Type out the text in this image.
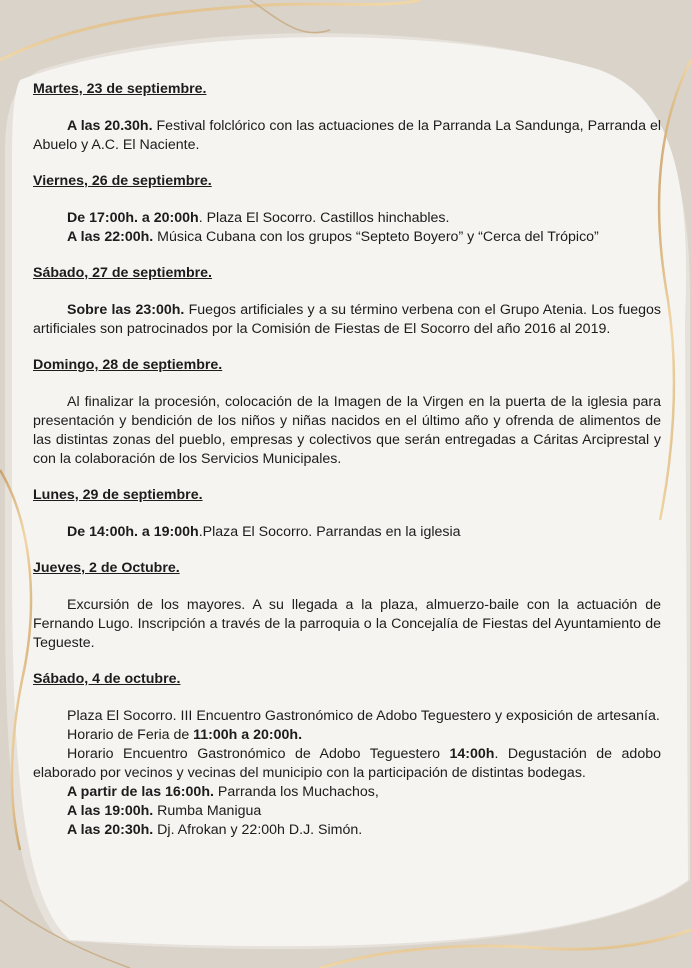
Martes, 23 de septiembre.

A las 20.30h. Festival folclórico con las actuaciones de la Parranda La Sandunga, Parranda el Abuelo y A.C. El Naciente.

Viernes, 26 de septiembre.

De 17:00h. a 20:00h. Plaza El Socorro. Castillos hinchables.
A las 22:00h. Música Cubana con los grupos “Septeto Boyero” y “Cerca del Trópico”

Sábado, 27 de septiembre.

Sobre las 23:00h. Fuegos artificiales y a su término verbena con el Grupo Atenia. Los fuegos artificiales son patrocinados por la Comisión de Fiestas de El Socorro del año 2016 al 2019.

Domingo, 28 de septiembre.

Al finalizar la procesión, colocación de la Imagen de la Virgen en la puerta de la iglesia para presentación y bendición de los niños y niñas nacidos en el último año y ofrenda de alimentos de las distintas zonas del pueblo, empresas y colectivos que serán entregadas a Cáritas Arciprestal y con la colaboración de los Servicios Municipales.

Lunes, 29 de septiembre.

De 14:00h. a 19:00h.Plaza El Socorro. Parrandas en la iglesia

Jueves, 2 de Octubre.

Excursión de los mayores. A su llegada a la plaza, almuerzo-baile con la actuación de Fernando Lugo. Inscripción a través de la parroquia o la Concejalía de Fiestas del Ayuntamiento de Tegueste.

Sábado, 4 de octubre.

Plaza El Socorro. III Encuentro Gastronómico de Adobo Teguestero y exposición de artesanía.
Horario de Feria de 11:00h a 20:00h.
Horario Encuentro Gastronómico de Adobo Teguestero 14:00h. Degustación de adobo elaborado por vecinos y vecinas del municipio con la participación de distintas bodegas.
A partir de las 16:00h. Parranda los Muchachos,
A las 19:00h. Rumba Manigua
A las 20:30h. Dj. Afrokan y 22:00h D.J. Simón.
